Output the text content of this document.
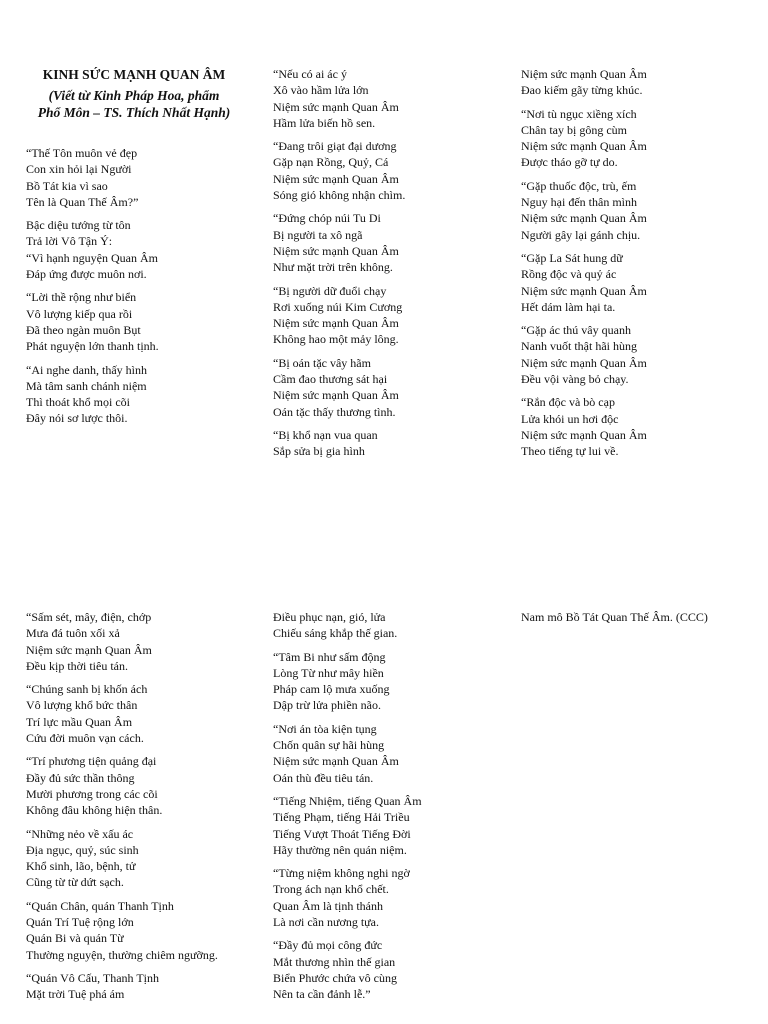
KINH SỨC MẠNH QUAN ÂM
(Viết từ Kinh Pháp Hoa, phẩm
Phổ Môn – TS. Thích Nhất Hạnh)
“Thế Tôn muôn vẻ đẹp
Con xin hỏi lại Người
Bồ Tát kia vì sao
Tên là Quan Thế Âm?”
Bậc diệu tướng từ tôn
Trả lời Vô Tận Ý:
“Vì hạnh nguyện Quan Âm
Đáp ứng được muôn nơi.
“Lời thề rộng như biển
Vô lượng kiếp qua rồi
Đã theo ngàn muôn Bụt
Phát nguyện lớn thanh tịnh.
“Ai nghe danh, thấy hình
Mà tâm sanh chánh niệm
Thì thoát khổ mọi cõi
Đây nói sơ lược thôi.
“Nếu có ai ác ý
Xô vào hầm lửa lớn
Niệm sức mạnh Quan Âm
Hầm lửa biến hồ sen.
“Đang trôi giạt đại dương
Gặp nạn Rồng, Quỷ, Cá
Niệm sức mạnh Quan Âm
Sóng gió không nhận chìm.
“Đứng chóp núi Tu Di
Bị người ta xô ngã
Niệm sức mạnh Quan Âm
Như mặt trời trên không.
“Bị người dữ đuổi chạy
Rơi xuống núi Kim Cương
Niệm sức mạnh Quan Âm
Không hao một mảy lông.
“Bị oán tặc vây hãm
Cầm đao thương sát hại
Niệm sức mạnh Quan Âm
Oán tặc thấy thương tình.
“Bị khổ nạn vua quan
Sắp sửa bị gia hình
Niệm sức mạnh Quan Âm
Đao kiếm gãy từng khúc.
“Nơi tù ngục xiềng xích
Chân tay bị gông cùm
Niệm sức mạnh Quan Âm
Được tháo gỡ tự do.
“Gặp thuốc độc, trù, ếm
Nguy hại đến thân mình
Niệm sức mạnh Quan Âm
Người gây lại gánh chịu.
“Gặp La Sát hung dữ
Rồng độc và quỷ ác
Niệm sức mạnh Quan Âm
Hết dám làm hại ta.
“Gặp ác thú vây quanh
Nanh vuốt thật hãi hùng
Niệm sức mạnh Quan Âm
Đều vội vàng bỏ chạy.
“Rắn độc và bò cạp
Lửa khói un hơi độc
Niệm sức mạnh Quan Âm
Theo tiếng tự lui về.
“Sấm sét, mây, điện, chớp
Mưa đá tuôn xối xả
Niệm sức mạnh Quan Âm
Đều kịp thời tiêu tán.
“Chúng sanh bị khốn ách
Vô lượng khổ bức thân
Trí lực mầu Quan Âm
Cứu đời muôn vạn cách.
“Trí phương tiện quảng đại
Đầy đủ sức thần thông
Mười phương trong các cõi
Không đâu không hiện thân.
“Những nẻo về xấu ác
Địa ngục, quỷ, súc sinh
Khổ sinh, lão, bệnh, tử
Cũng từ từ dứt sạch.
“Quán Chân, quán Thanh Tịnh
Quán Trí Tuệ rộng lớn
Quán Bi và quán Từ
Thường nguyện, thường chiêm ngưỡng.
“Quán Vô Cấu, Thanh Tịnh
Mặt trời Tuệ phá ám
Điều phục nạn, gió, lửa
Chiếu sáng khắp thế gian.
“Tâm Bi như sấm động
Lòng Từ như mây hiền
Pháp cam lộ mưa xuống
Dập trừ lửa phiền não.
“Nơi án tòa kiện tụng
Chốn quân sự hãi hùng
Niệm sức mạnh Quan Âm
Oán thù đều tiêu tán.
“Tiếng Nhiệm, tiếng Quan Âm
Tiếng Phạm, tiếng Hải Triều
Tiếng Vượt Thoát Tiếng Đời
Hãy thường nên quán niệm.
“Từng niệm không nghi ngờ
Trong ách nạn khổ chết.
Quan Âm là tịnh thánh
Là nơi cần nương tựa.
“Đầy đủ mọi công đức
Mắt thương nhìn thế gian
Biển Phước chứa vô cùng
Nên ta cần đảnh lễ.”
Nam mô Bồ Tát Quan Thế Âm. (CCC)
